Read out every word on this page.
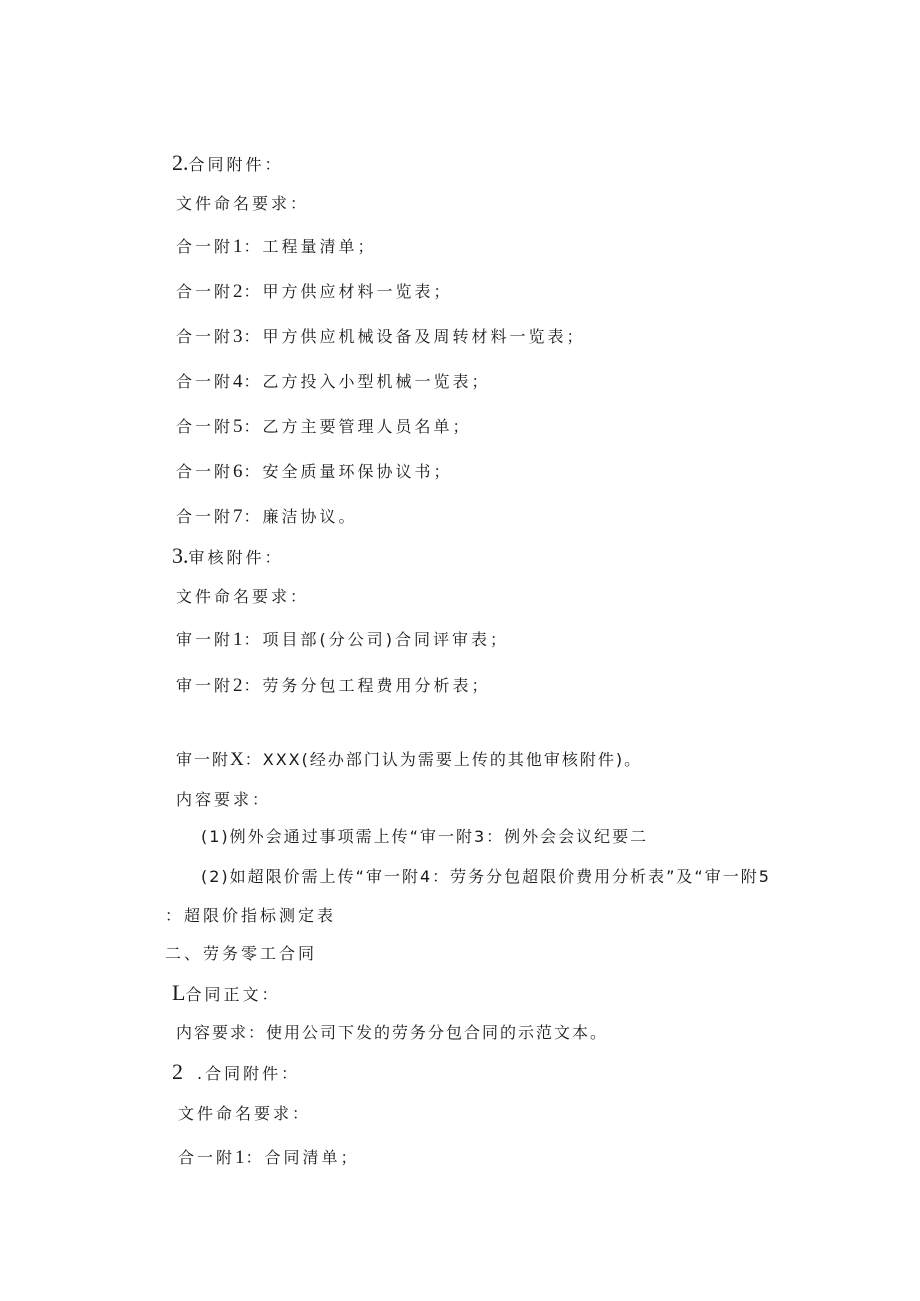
2.合同附件：
文件命名要求：
合一附1：工程量清单；
合一附2：甲方供应材料一览表；
合一附3：甲方供应机械设备及周转材料一览表；
合一附4：乙方投入小型机械一览表；
合一附5：乙方主要管理人员名单；
合一附6：安全质量环保协议书；
合一附7：廉洁协议。
3.审核附件：
文件命名要求：
审一附1：项目部(分公司)合同评审表；
审一附2：劳务分包工程费用分析表；
审一附X：XXX(经办部门认为需要上传的其他审核附件)。
内容要求：
(1)例外会通过事项需上传“审一附3：例外会会议纪要二
(2)如超限价需上传“审一附4：劳务分包超限价费用分析表”及“审一附5
：超限价指标测定表
二、劳务零工合同
L合同正文：
内容要求：使用公司下发的劳务分包合同的示范文本。
2 .合同附件：
文件命名要求：
合一附1：合同清单；
